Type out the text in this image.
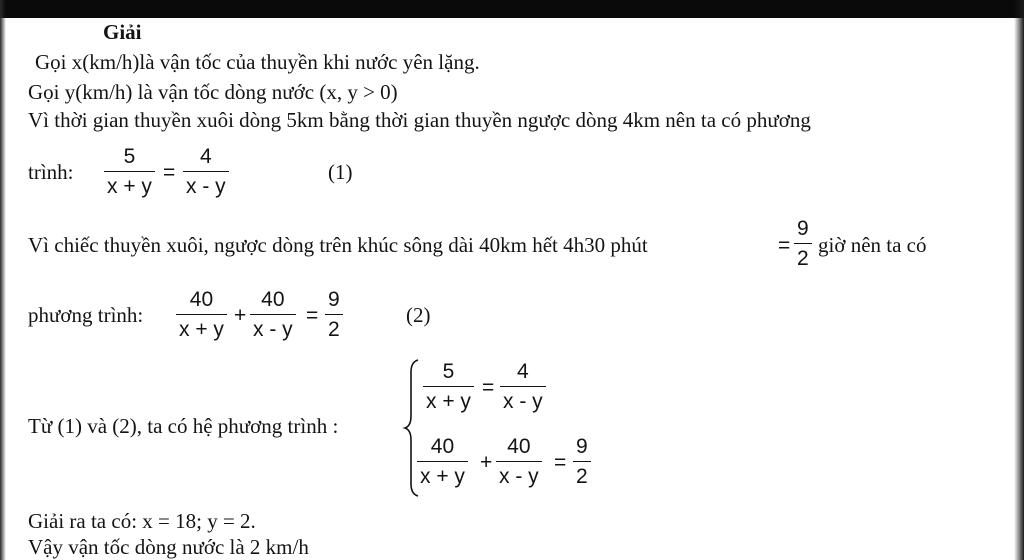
Giải
Gọi x(km/h)là vận tốc của thuyền khi nước yên lặng.
Gọi y(km/h) là vận tốc dòng nước (x, y > 0)
Vì thời gian thuyền xuôi dòng 5km bằng thời gian thuyền ngược dòng 4km nên ta có phương
trình: $\frac{5}{x + y} = \frac{4}{x - y}$	(1)
Vì chiếc thuyền xuôi, ngược dòng trên khúc sông dài 40km hết 4h30 phút	= $\frac{9}{2}$ giờ nên ta có
phương trình: $\frac{40}{x + y} + \frac{40}{x - y} = \frac{9}{2}$	(2)
Từ (1) và (2), ta có hệ phương trình :
$\frac{5}{x + y} = \frac{4}{x - y}$
$\frac{40}{x + y} + \frac{40}{x - y} = \frac{9}{2}$
Giải ra ta có: x = 18; y = 2.
Vậy vận tốc dòng nước là 2 km/h
